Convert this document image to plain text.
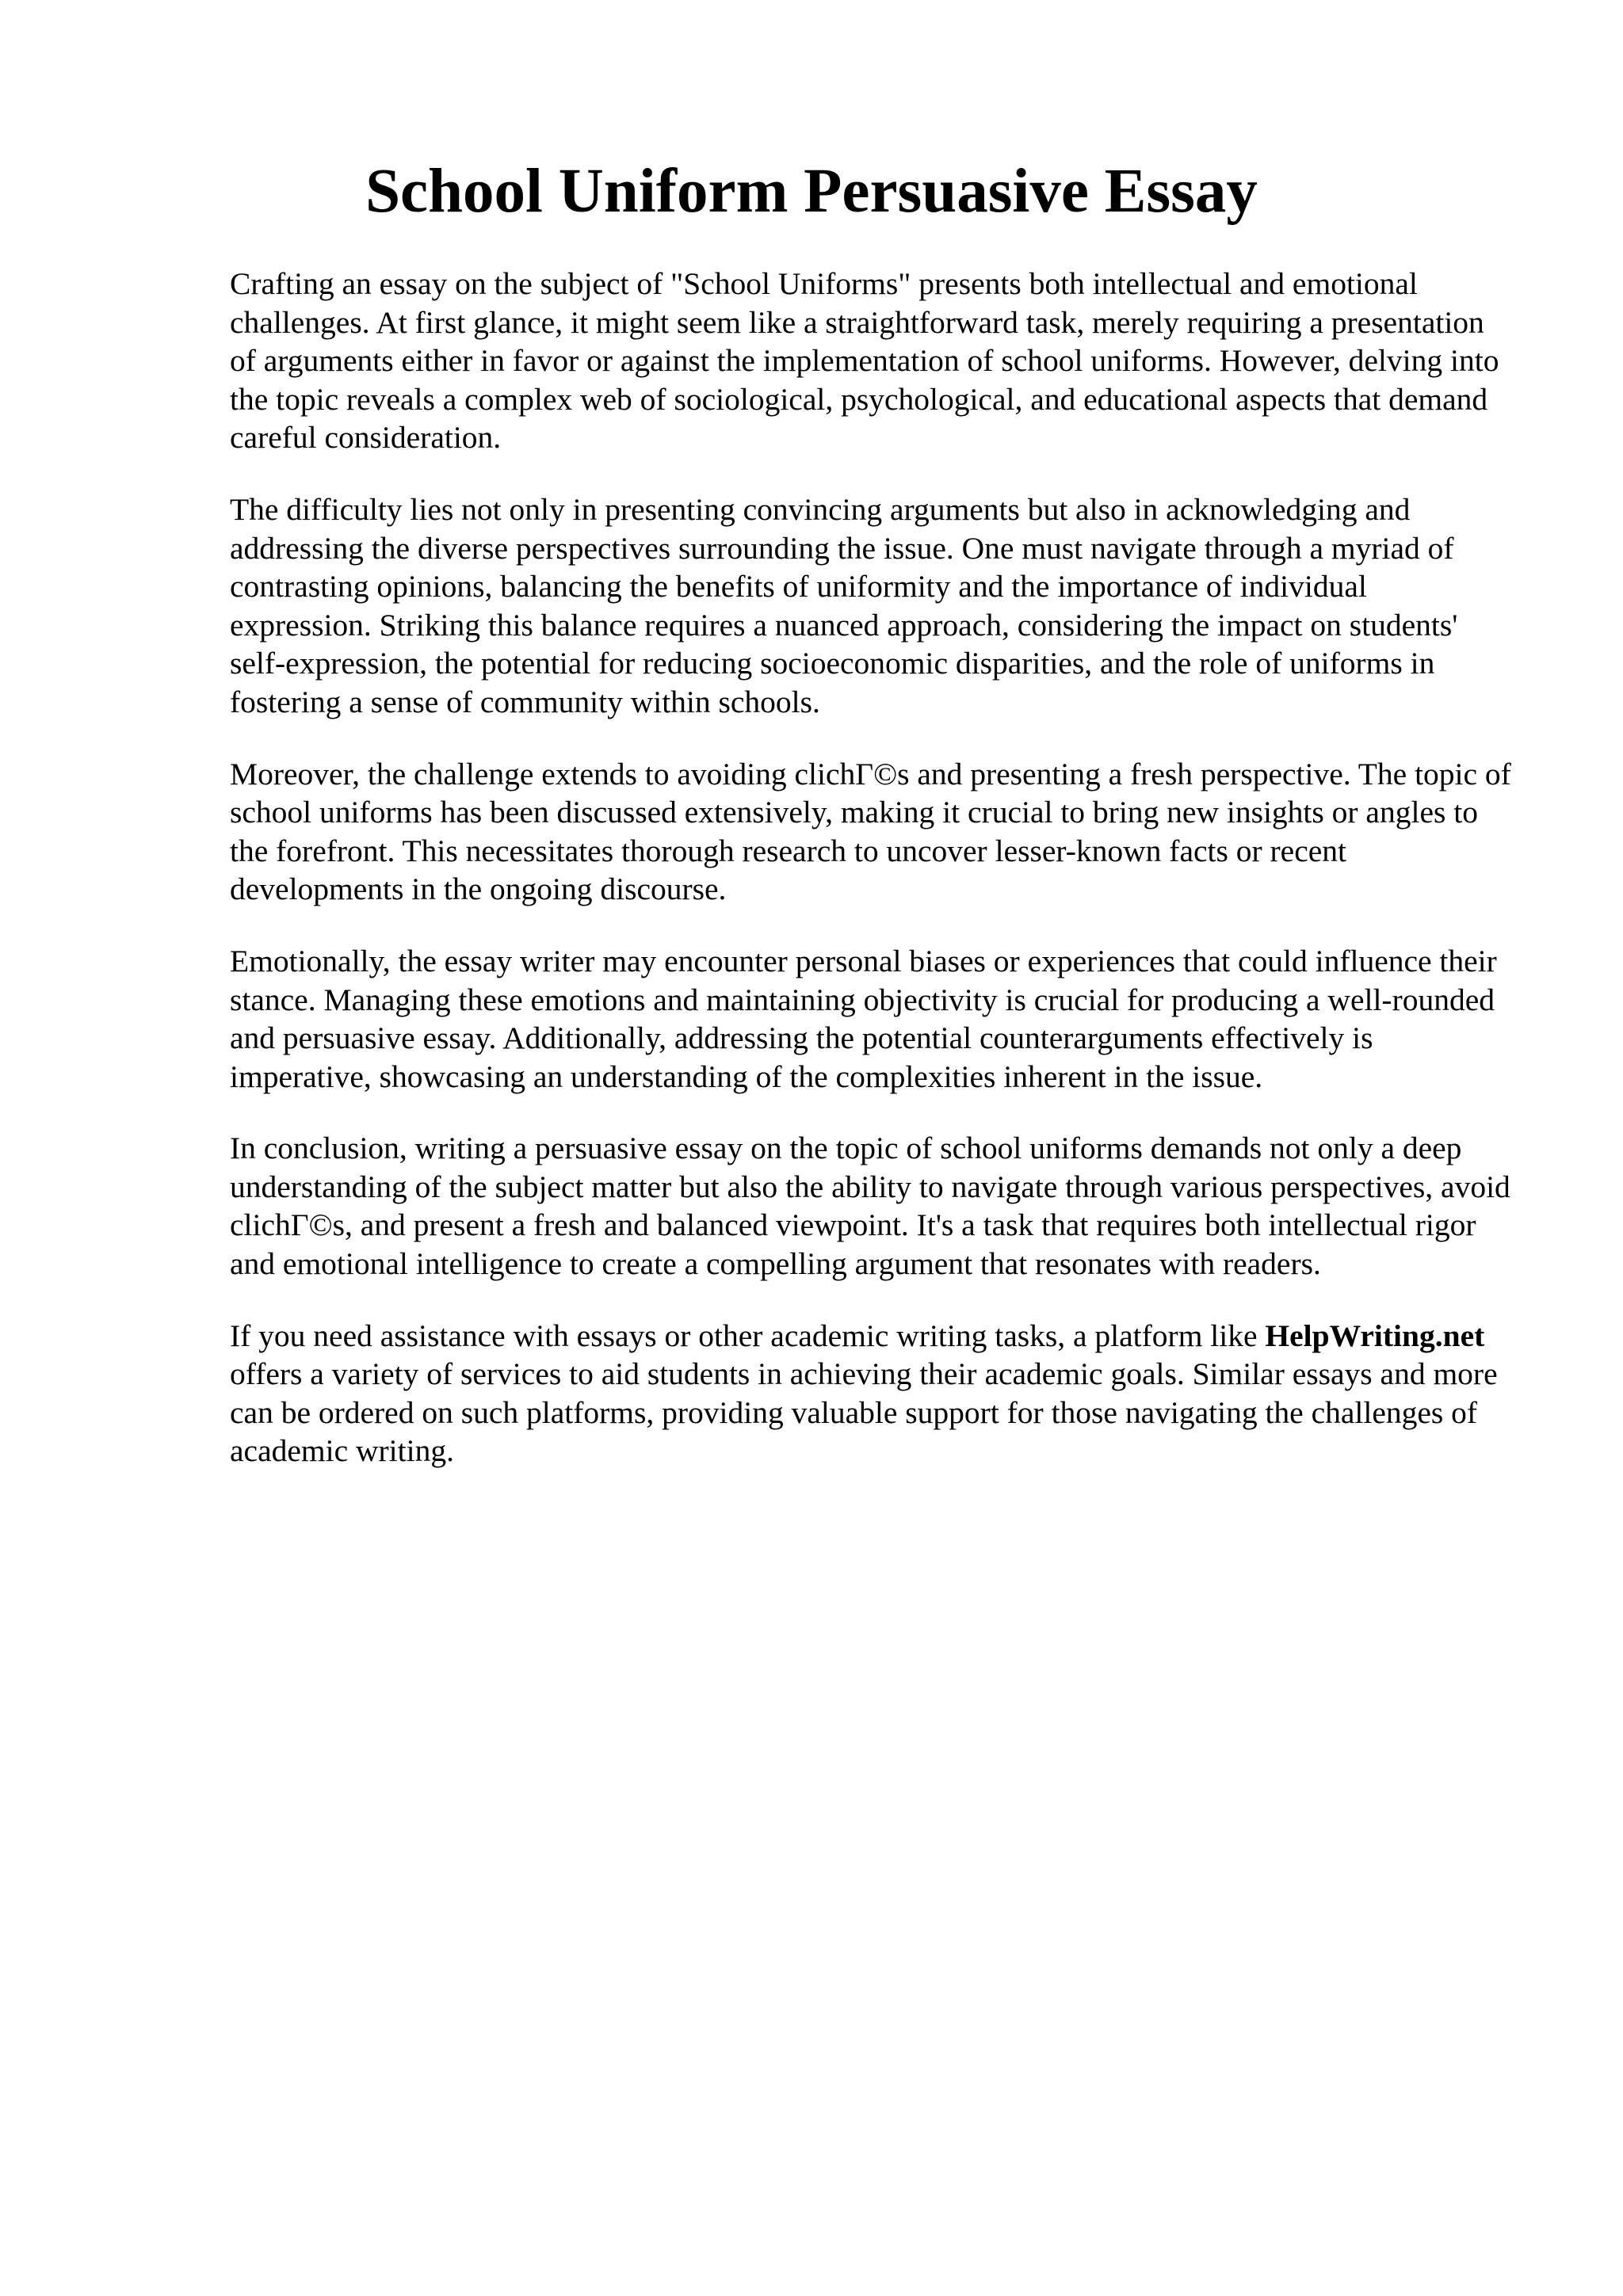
School Uniform Persuasive Essay

Crafting an essay on the subject of "School Uniforms" presents both intellectual and emotional challenges. At first glance, it might seem like a straightforward task, merely requiring a presentation of arguments either in favor or against the implementation of school uniforms. However, delving into the topic reveals a complex web of sociological, psychological, and educational aspects that demand careful consideration.

The difficulty lies not only in presenting convincing arguments but also in acknowledging and addressing the diverse perspectives surrounding the issue. One must navigate through a myriad of contrasting opinions, balancing the benefits of uniformity and the importance of individual expression. Striking this balance requires a nuanced approach, considering the impact on students' self-expression, the potential for reducing socioeconomic disparities, and the role of uniforms in fostering a sense of community within schools.

Moreover, the challenge extends to avoiding clichΓ©s and presenting a fresh perspective. The topic of school uniforms has been discussed extensively, making it crucial to bring new insights or angles to the forefront. This necessitates thorough research to uncover lesser-known facts or recent developments in the ongoing discourse.

Emotionally, the essay writer may encounter personal biases or experiences that could influence their stance. Managing these emotions and maintaining objectivity is crucial for producing a well-rounded and persuasive essay. Additionally, addressing the potential counterarguments effectively is imperative, showcasing an understanding of the complexities inherent in the issue.

In conclusion, writing a persuasive essay on the topic of school uniforms demands not only a deep understanding of the subject matter but also the ability to navigate through various perspectives, avoid clichΓ©s, and present a fresh and balanced viewpoint. It's a task that requires both intellectual rigor and emotional intelligence to create a compelling argument that resonates with readers.

If you need assistance with essays or other academic writing tasks, a platform like HelpWriting.net offers a variety of services to aid students in achieving their academic goals. Similar essays and more can be ordered on such platforms, providing valuable support for those navigating the challenges of academic writing.
